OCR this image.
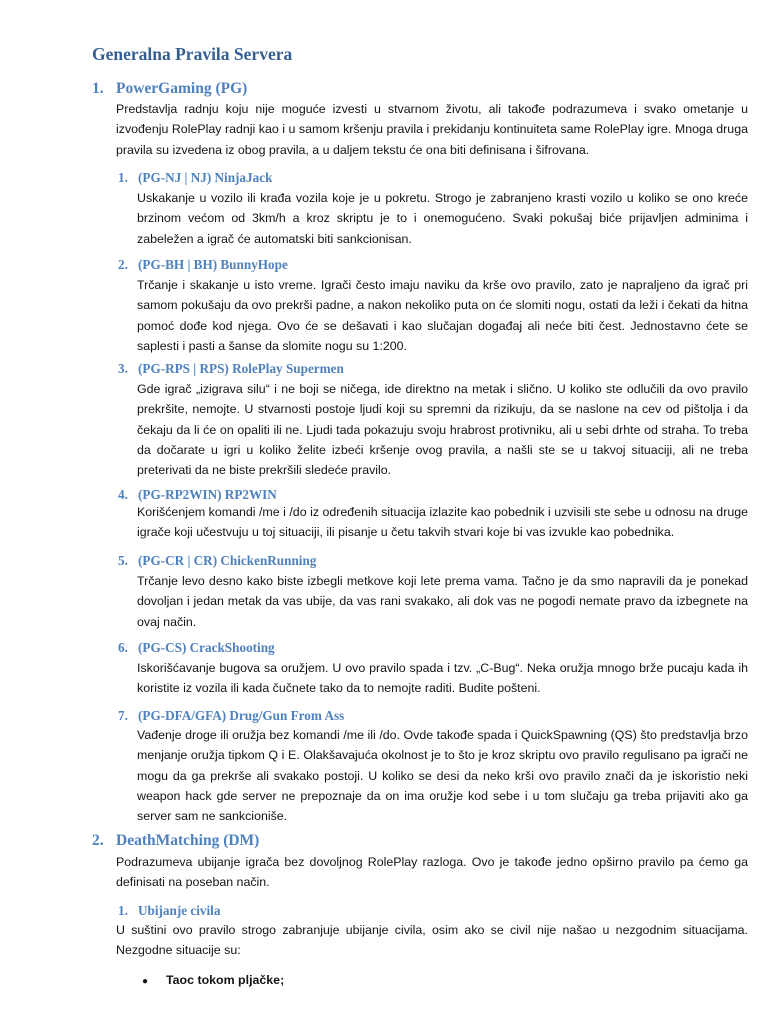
Generalna Pravila Servera
1. PowerGaming (PG)
Predstavlja radnju koju nije moguće izvesti u stvarnom životu, ali takođe podrazumeva i svako ometanje u izvođenju RolePlay radnji kao i u samom kršenju pravila i prekidanju kontinuiteta same RolePlay igre. Mnoga druga pravila su izvedena iz obog pravila, a u daljem tekstu će ona biti definisana i šifrovana.
1. (PG-NJ | NJ) NinjaJack
Uskakanje u vozilo ili krađa vozila koje je u pokretu. Strogo je zabranjeno krasti vozilo u koliko se ono kreće brzinom većom od 3km/h a kroz skriptu je to i onemogućeno. Svaki pokušaj biće prijavljen adminima i zabeležen a igrač će automatski biti sankcionisan.
2. (PG-BH | BH) BunnyHope
Trčanje i skakanje u isto vreme. Igrači često imaju naviku da krše ovo pravilo, zato je napraljeno da igrač pri samom pokušaju da ovo prekrši padne, a nakon nekoliko puta on će slomiti nogu, ostati da leži i čekati da hitna pomoć dođe kod njega. Ovo će se dešavati i kao slučajan događaj ali neće biti čest. Jednostavno ćete se saplesti i pasti a šanse da slomite nogu su 1:200.
3. (PG-RPS | RPS) RolePlay Supermen
Gde igrač „izigrava silu“ i ne boji se ničega, ide direktno na metak i slično. U koliko ste odlučili da ovo pravilo prekršite, nemojte. U stvarnosti postoje ljudi koji su spremni da rizikuju, da se naslone na cev od pištolja i da čekaju da li će on opaliti ili ne. Ljudi tada pokazuju svoju hrabrost protivniku, ali u sebi drhte od straha. To treba da dočarate u igri u koliko želite izbeći kršenje ovog pravila, a našli ste se u takvoj situaciji, ali ne treba preterivati da ne biste prekršili sledeće pravilo.
4. (PG-RP2WIN) RP2WIN
Korišćenjem komandi /me i /do iz određenih situacija izlazite kao pobednik i uzvisili ste sebe u odnosu na druge igrače koji učestvuju u toj situaciji, ili pisanje u četu takvih stvari koje bi vas izvukle kao pobednika.
5. (PG-CR | CR) ChickenRunning
Trčanje levo desno kako biste izbegli metkove koji lete prema vama. Tačno je da smo napravili da je ponekad dovoljan i jedan metak da vas ubije, da vas rani svakako, ali dok vas ne pogodi nemate pravo da izbegnete na ovaj način.
6. (PG-CS) CrackShooting
Iskorišćavanje bugova sa oružjem. U ovo pravilo spada i tzv. „C-Bug“. Neka oružja mnogo brže pucaju kada ih koristite iz vozila ili kada čučnete tako da to nemojte raditi. Budite pošteni.
7. (PG-DFA/GFA) Drug/Gun From Ass
Vađenje droge ili oružja bez komandi /me ili /do. Ovde takođe spada i QuickSpawning (QS) što predstavlja brzo menjanje oružja tipkom Q i E. Olakšavajuća okolnost je to što je kroz skriptu ovo pravilo regulisano pa igrači ne mogu da ga prekrše ali svakako postoji. U koliko se desi da neko krši ovo pravilo znači da je iskoristio neki weapon hack gde server ne prepoznaje da on ima oružje kod sebe i u tom slučaju ga treba prijaviti ako ga server sam ne sankcioniše.
2. DeathMatching (DM)
Podrazumeva ubijanje igrača bez dovoljnog RolePlay razloga. Ovo je takođe jedno opširno pravilo pa ćemo ga definisati na poseban način.
1. Ubijanje civila
U suštini ovo pravilo strogo zabranjuje ubijanje civila, osim ako se civil nije našao u nezgodnim situacijama. Nezgodne situacije su:
● Taoc tokom pljačke;
